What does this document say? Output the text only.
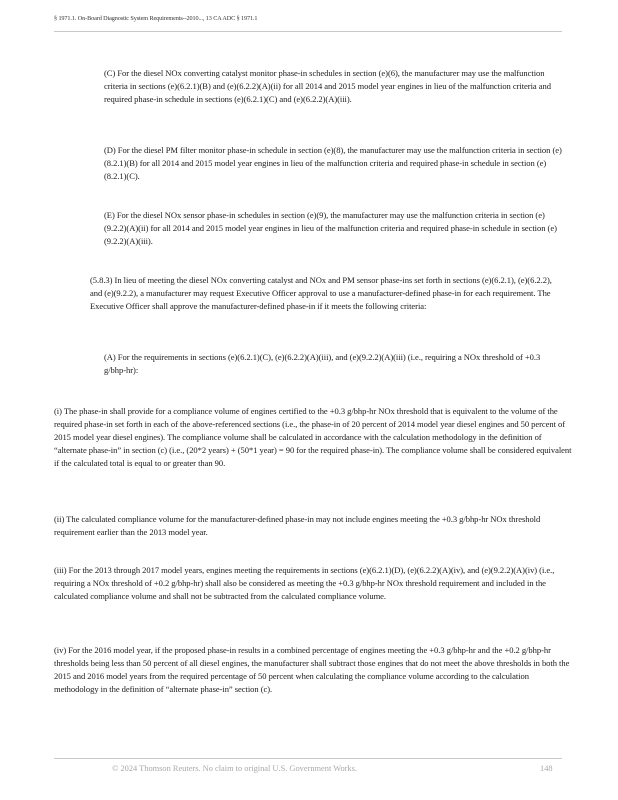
§ 1971.1. On-Board Diagnostic System Requirements--2010..., 13 CA ADC § 1971.1

(C) For the diesel NOx converting catalyst monitor phase-in schedules in section (e)(6), the manufacturer may use the malfunction criteria in sections (e)(6.2.1)(B) and (e)(6.2.2)(A)(ii) for all 2014 and 2015 model year engines in lieu of the malfunction criteria and required phase-in schedule in sections (e)(6.2.1)(C) and (e)(6.2.2)(A)(iii).

(D) For the diesel PM filter monitor phase-in schedule in section (e)(8), the manufacturer may use the malfunction criteria in section (e)(8.2.1)(B) for all 2014 and 2015 model year engines in lieu of the malfunction criteria and required phase-in schedule in section (e)(8.2.1)(C).

(E) For the diesel NOx sensor phase-in schedules in section (e)(9), the manufacturer may use the malfunction criteria in section (e)(9.2.2)(A)(ii) for all 2014 and 2015 model year engines in lieu of the malfunction criteria and required phase-in schedule in section (e)(9.2.2)(A)(iii).

(5.8.3) In lieu of meeting the diesel NOx converting catalyst and NOx and PM sensor phase-ins set forth in sections (e)(6.2.1), (e)(6.2.2), and (e)(9.2.2), a manufacturer may request Executive Officer approval to use a manufacturer-defined phase-in for each requirement. The Executive Officer shall approve the manufacturer-defined phase-in if it meets the following criteria:

(A) For the requirements in sections (e)(6.2.1)(C), (e)(6.2.2)(A)(iii), and (e)(9.2.2)(A)(iii) (i.e., requiring a NOx threshold of +0.3 g/bhp-hr):

(i) The phase-in shall provide for a compliance volume of engines certified to the +0.3 g/bhp-hr NOx threshold that is equivalent to the volume of the required phase-in set forth in each of the above-referenced sections (i.e., the phase-in of 20 percent of 2014 model year diesel engines and 50 percent of 2015 model year diesel engines). The compliance volume shall be calculated in accordance with the calculation methodology in the definition of “alternate phase-in” in section (c) (i.e., (20*2 years) + (50*1 year) = 90 for the required phase-in). The compliance volume shall be considered equivalent if the calculated total is equal to or greater than 90.

(ii) The calculated compliance volume for the manufacturer-defined phase-in may not include engines meeting the +0.3 g/bhp-hr NOx threshold requirement earlier than the 2013 model year.

(iii) For the 2013 through 2017 model years, engines meeting the requirements in sections (e)(6.2.1)(D), (e)(6.2.2)(A)(iv), and (e)(9.2.2)(A)(iv) (i.e., requiring a NOx threshold of +0.2 g/bhp-hr) shall also be considered as meeting the +0.3 g/bhp-hr NOx threshold requirement and included in the calculated compliance volume and shall not be subtracted from the calculated compliance volume.

(iv) For the 2016 model year, if the proposed phase-in results in a combined percentage of engines meeting the +0.3 g/bhp-hr and the +0.2 g/bhp-hr thresholds being less than 50 percent of all diesel engines, the manufacturer shall subtract those engines that do not meet the above thresholds in both the 2015 and 2016 model years from the required percentage of 50 percent when calculating the compliance volume according to the calculation methodology in the definition of “alternate phase-in” section (c).

© 2024 Thomson Reuters. No claim to original U.S. Government Works.	148
